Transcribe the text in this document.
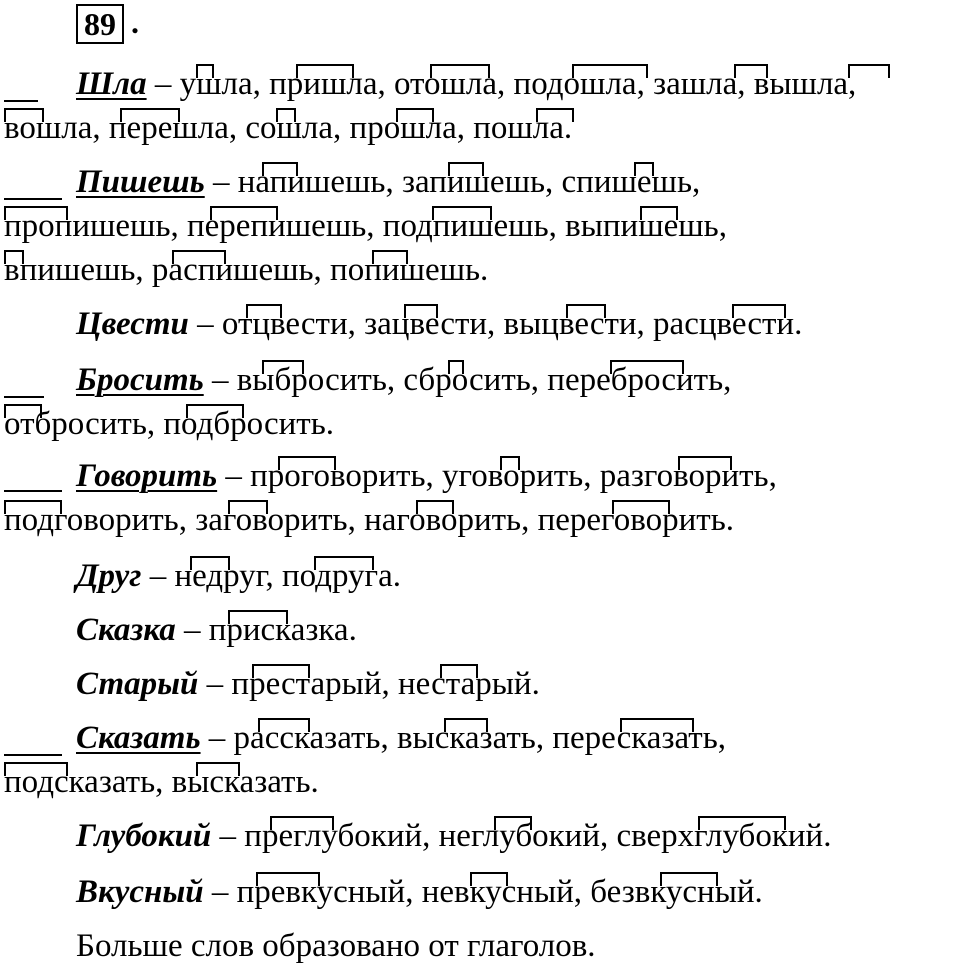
89 .
Шла – ушла, пришла, отошла, подошла, зашла, вышла,
вошла, перешла, сошла, прошла, пошла.
Пишешь – напишешь, запишешь, спишешь,
пропишешь, перепишешь, подпишешь, выпишешь,
впишешь, распишешь, попишешь.
Цвести – отцвести, зацвести, выцвести, расцвести.
Бросить – выбросить, сбросить, перебросить,
отбросить, подбросить.
Говорить – проговорить, уговорить, разговорить,
подговорить, заговорить, наговорить, переговорить.
Друг – недруг, подруга.
Сказка – присказка.
Старый – престарый, нестарый.
Сказать – рассказать, высказать, пересказать,
подсказать, высказать.
Глубокий – преглубокий, неглубокий, сверхглубокий.
Вкусный – превкусный, невкусный, безвкусный.
Больше слов образовано от глаголов.
